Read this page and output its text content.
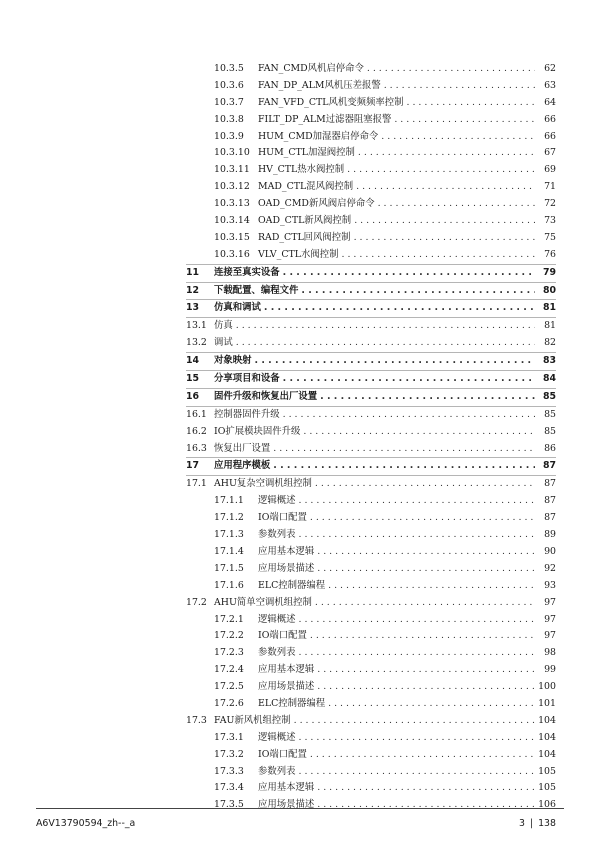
10.3.5	FAN_CMD风机启停命令 . . .	62
10.3.6	FAN_DP_ALM风机压差报警 . . .	63
10.3.7	FAN_VFD_CTL风机变频频率控制 . . .	64
10.3.8	FILT_DP_ALM过滤器阻塞报警 . . .	66
10.3.9	HUM_CMD加湿器启停命令 . . .	66
10.3.10 HUM_CTL加湿阀控制 . . .	67
10.3.11 HV_CTL热水阀控制 . . .	69
10.3.12 MAD_CTL混风阀控制 . . .	71
10.3.13 OAD_CMD新风阀启停命令 . . .	72
10.3.14 OAD_CTL新风阀控制 . . .	73
10.3.15 RAD_CTL回风阀控制 . . .	75
10.3.16 VLV_CTL水阀控制 . . .	76
11	连接至真实设备 . . .	79
12	下载配置、编程文件 . . .	80
13	仿真和调试 . . .	81
13.1 仿真 . . .	81
13.2 调试 . . .	82
14	对象映射 . . .	83
15	分享项目和设备 . . .	84
16	固件升级和恢复出厂设置 . . .	85
16.1 控制器固件升级 . . .	85
16.2 IO扩展模块固件升级 . . .	85
16.3 恢复出厂设置 . . .	86
17	应用程序模板 . . .	87
17.1 AHU复杂空调机组控制 . . .	87
17.1.1	逻辑概述 . . .	87
17.1.2	IO端口配置 . . .	87
17.1.3	参数列表 . . .	89
17.1.4	应用基本逻辑 . . .	90
17.1.5	应用场景描述 . . .	92
17.1.6	ELC控制器编程 . . .	93
17.2 AHU简单空调机组控制 . . .	97
17.2.1	逻辑概述 . . .	97
17.2.2	IO端口配置 . . .	97
17.2.3	参数列表 . . .	98
17.2.4	应用基本逻辑 . . .	99
17.2.5	应用场景描述 . . .	100
17.2.6	ELC控制器编程 . . .	101
17.3 FAU新风机组控制 . . .	104
17.3.1	逻辑概述 . . .	104
17.3.2	IO端口配置 . . .	104
17.3.3	参数列表 . . .	105
17.3.4	应用基本逻辑 . . .	105
17.3.5	应用场景描述 . . .	106
A6V13790594_zh--_a	3 | 138
